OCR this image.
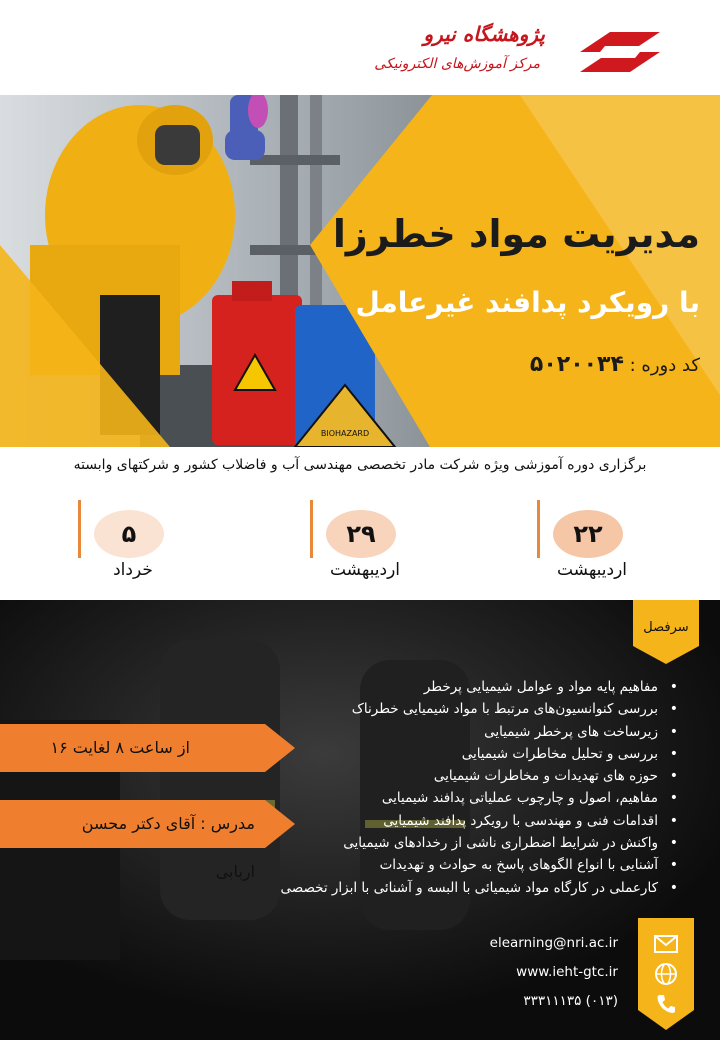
BIOHAZARD
پژوهشگاه نیرو
مرکز آموزش‌های الکترونیکی
مدیریت مواد خطرزا
با رویکرد پدافند غیرعامل
کد دوره : ۵۰۲۰۰۳۴
برگزاری دوره آموزشی ویژه شرکت مادر تخصصی مهندسی آب و فاضلاب کشور و شرکتهای وابسته
۲۲
اردیبهشت
۲۹
اردیبهشت
۵
خرداد
سرفصل
• مفاهیم پایه مواد و عوامل شیمیایی پرخطر
• بررسی کنوانسیون‌های مرتبط با مواد شیمیایی خطرناک
• زیرساخت های پرخطر شیمیایی
• بررسی و تحلیل مخاطرات شیمیایی
• حوزه های تهدیدات و مخاطرات شیمیایی
• مفاهیم، اصول و چارچوب عملیاتی پدافند شیمیایی
• اقدامات فنی و مهندسی با رویکرد پدافند شیمیایی
• واکنش در شرایط اضطراری ناشی از رخدادهای شیمیایی
• آشنایی با انواع الگوهای پاسخ به حوادث و تهدیدات
• کارعملی در کارگاه مواد شیمیائی با البسه و آشنائی با ابزار تخصصی
از ساعت ۸ لغایت ۱۶
مدرس : آقای دکتر محسن اربابی
elearning@nri.ac.ir
www.ieht-gtc.ir
(۰۱۳) ۳۳۳۱۱۱۳۵
